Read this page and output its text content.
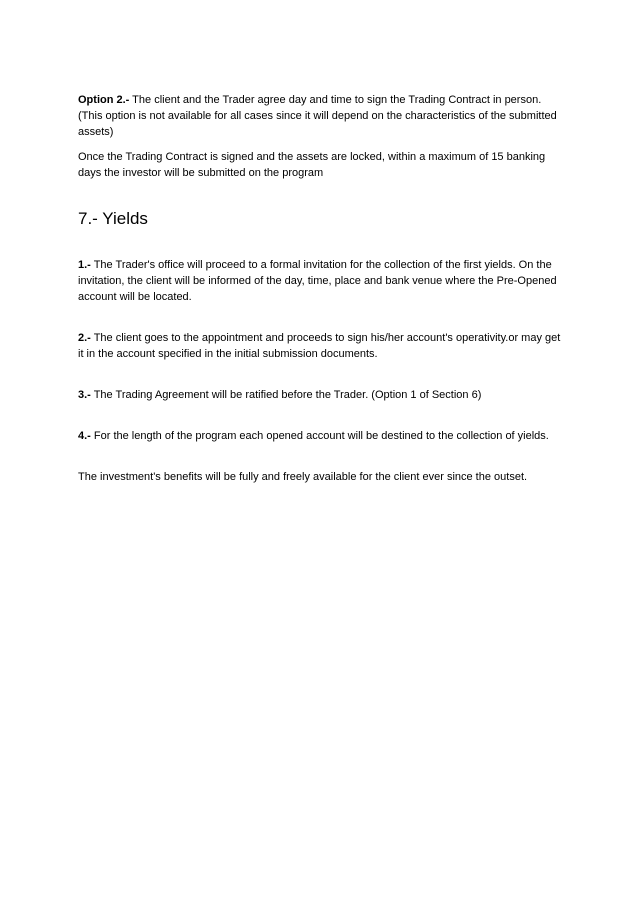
Option 2.- The client and the Trader agree day and time to sign the Trading Contract in person. (This option is not available for all cases since it will depend on the characteristics of the submitted assets)

Once the Trading Contract is signed and the assets are locked, within a maximum of 15 banking days the investor will be submitted on the program

7.- Yields

1.- The Trader's office will proceed to a formal invitation for the collection of the first yields. On the invitation, the client will be informed of the day, time, place and bank venue where the Pre-Opened account will be located.

2.- The client goes to the appointment and proceeds to sign his/her account's operativity.or may get it in the account specified in the initial submission documents.

3.- The Trading Agreement will be ratified before the Trader. (Option 1 of Section 6)

4.- For the length of the program each opened account will be destined to the collection of yields.

The investment's benefits will be fully and freely available for the client ever since the outset.
